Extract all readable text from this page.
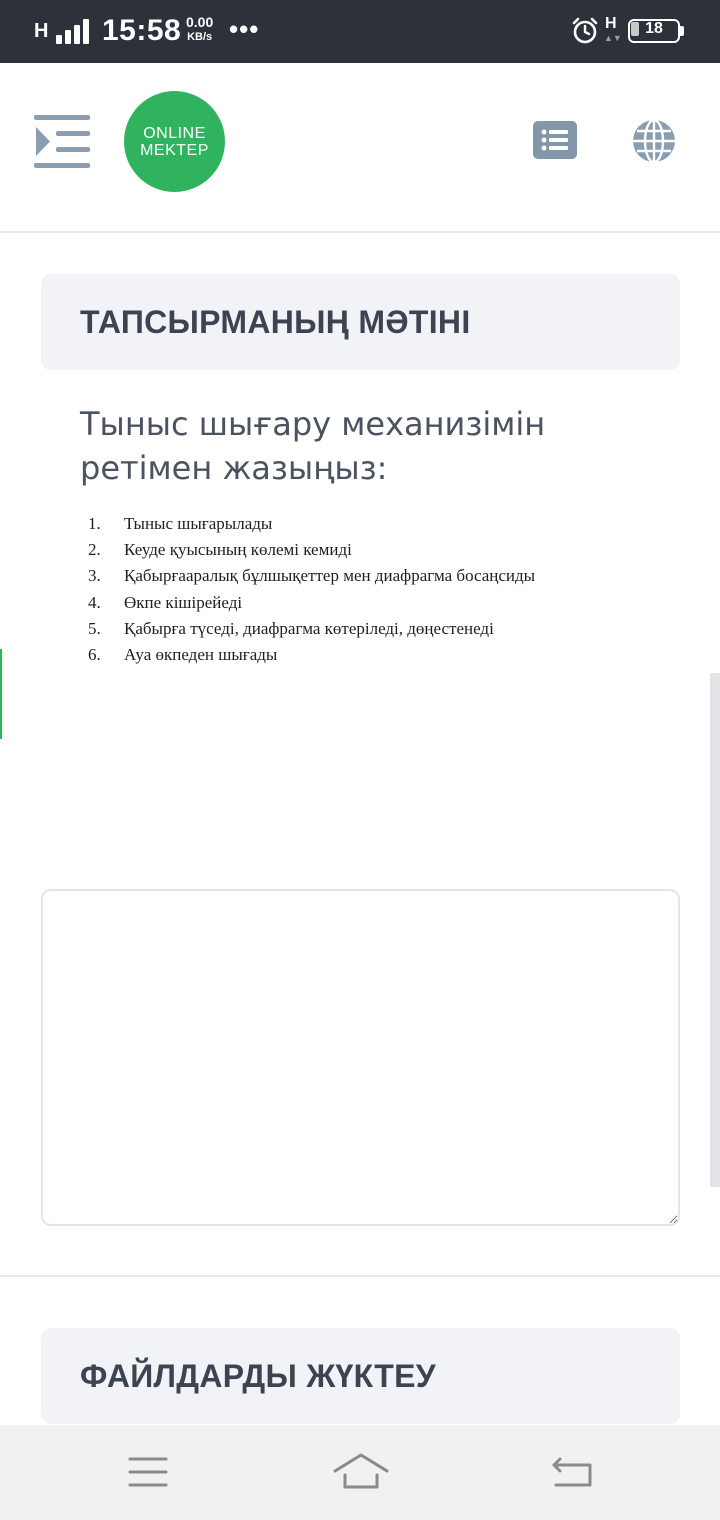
H 15:58 0.00
KB/s •••	H
▲▼
18
ONLINE
MEKTEP
ТАПСЫРМАНЫҢ МӘТІНІ
Тыныс шығару механизімін ретімен жазыңыз:
1.	Тыныс шығарылады
2.	Кеуде қуысының көлемі кемиді
3.	Қабырғааралық бұлшықеттер мен диафрагма босаңсиды
4.	Өкпе кішірейеді
5.	Қабырға түседі, диафрагма көтеріледі, дөңестенеді
6.	Ауа өкпеден шығады
ФАЙЛДАРДЫ ЖҮКТЕУ
